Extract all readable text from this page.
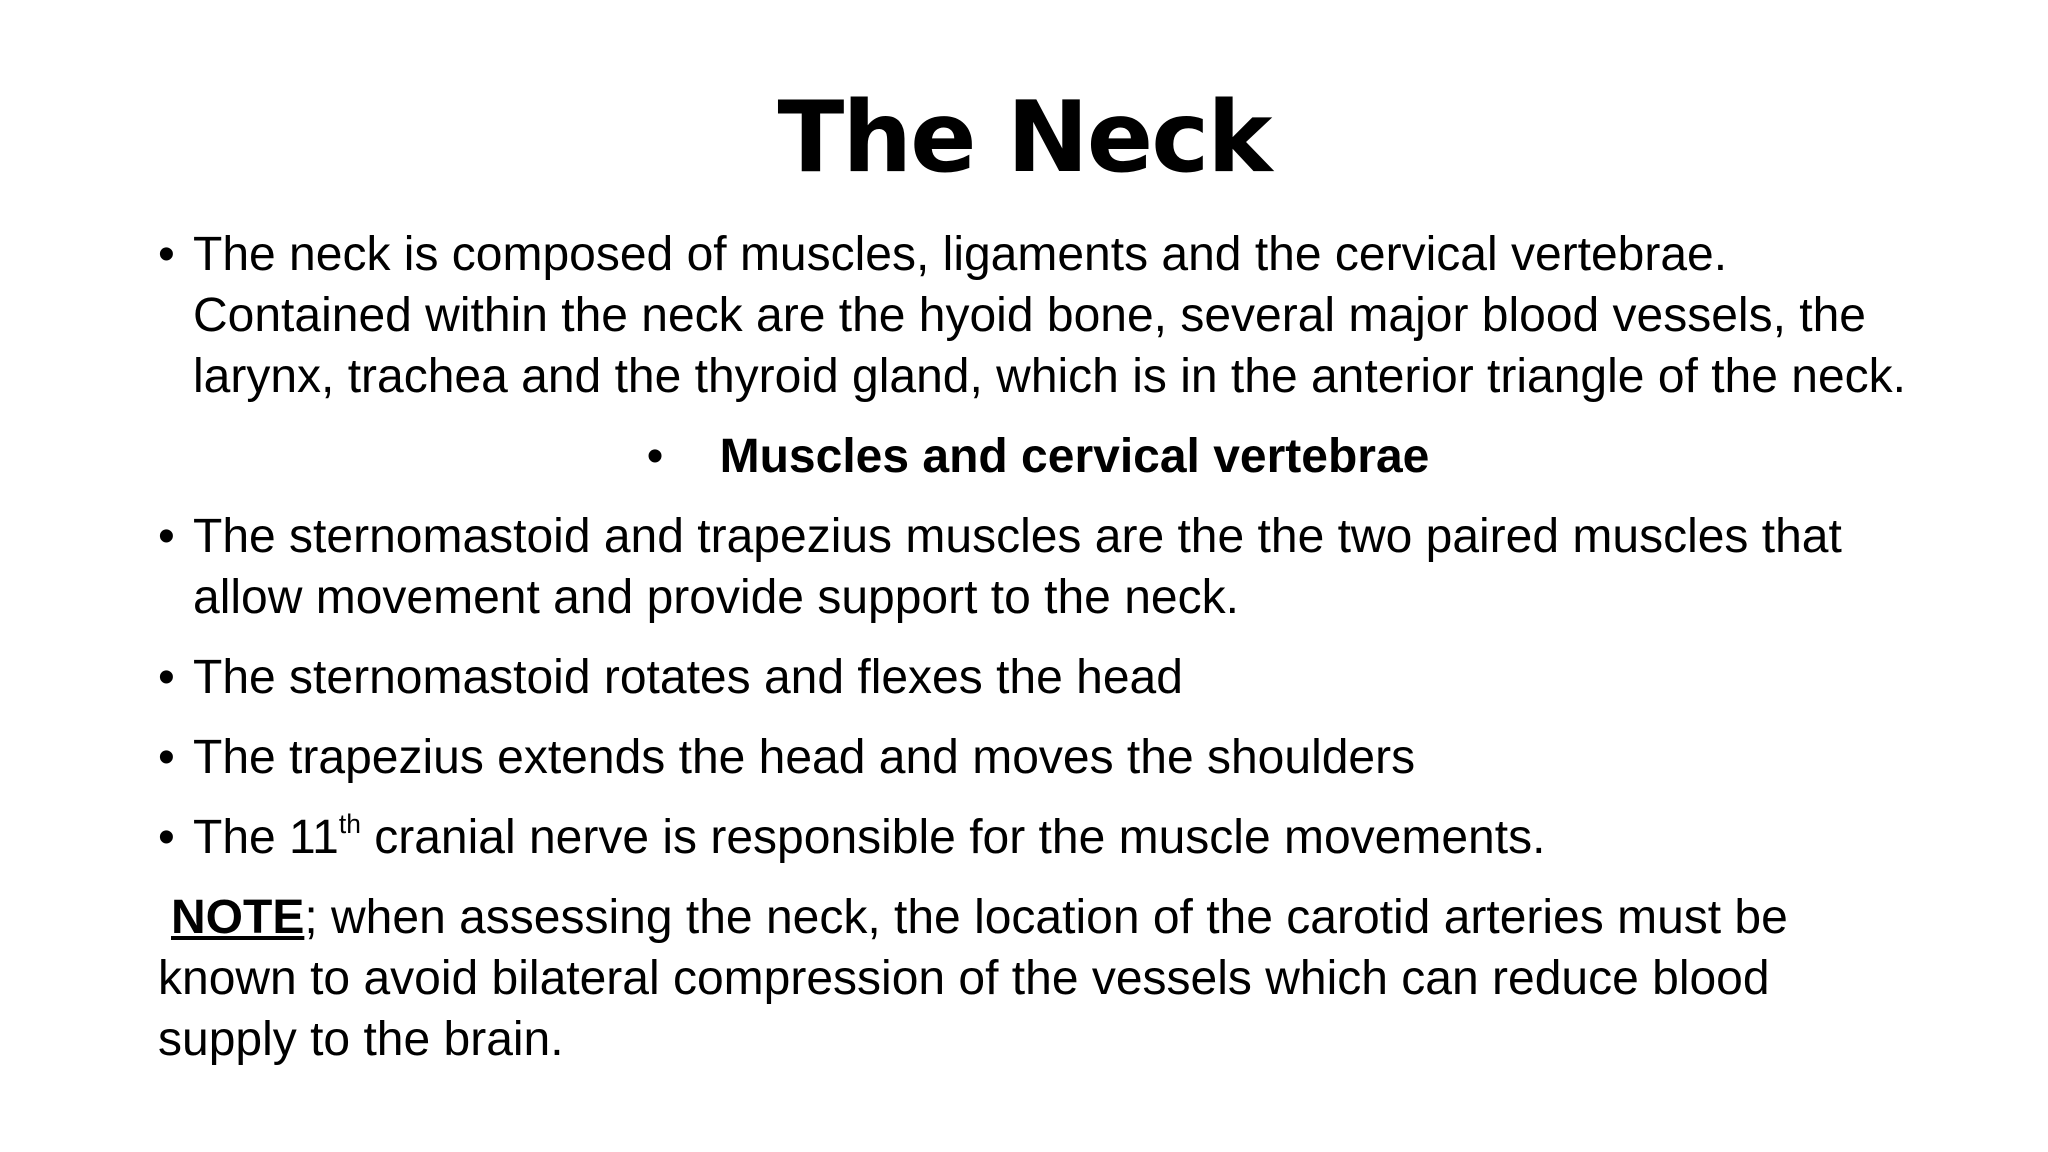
The Neck

• The neck is composed of muscles, ligaments and the cervical vertebrae. Contained within the neck are the hyoid bone, several major blood vessels, the larynx, trachea and the thyroid gland, which is in the anterior triangle of the neck.

• Muscles and cervical vertebrae

• The sternomastoid and trapezius muscles are the the two paired muscles that allow movement and provide support to the neck.

• The sternomastoid rotates and flexes the head

• The trapezius extends the head and moves the shoulders

• The 11th cranial nerve is responsible for the muscle movements.

NOTE; when assessing the neck, the location of the carotid arteries must be known to avoid bilateral compression of the vessels which can reduce blood supply to the brain.
